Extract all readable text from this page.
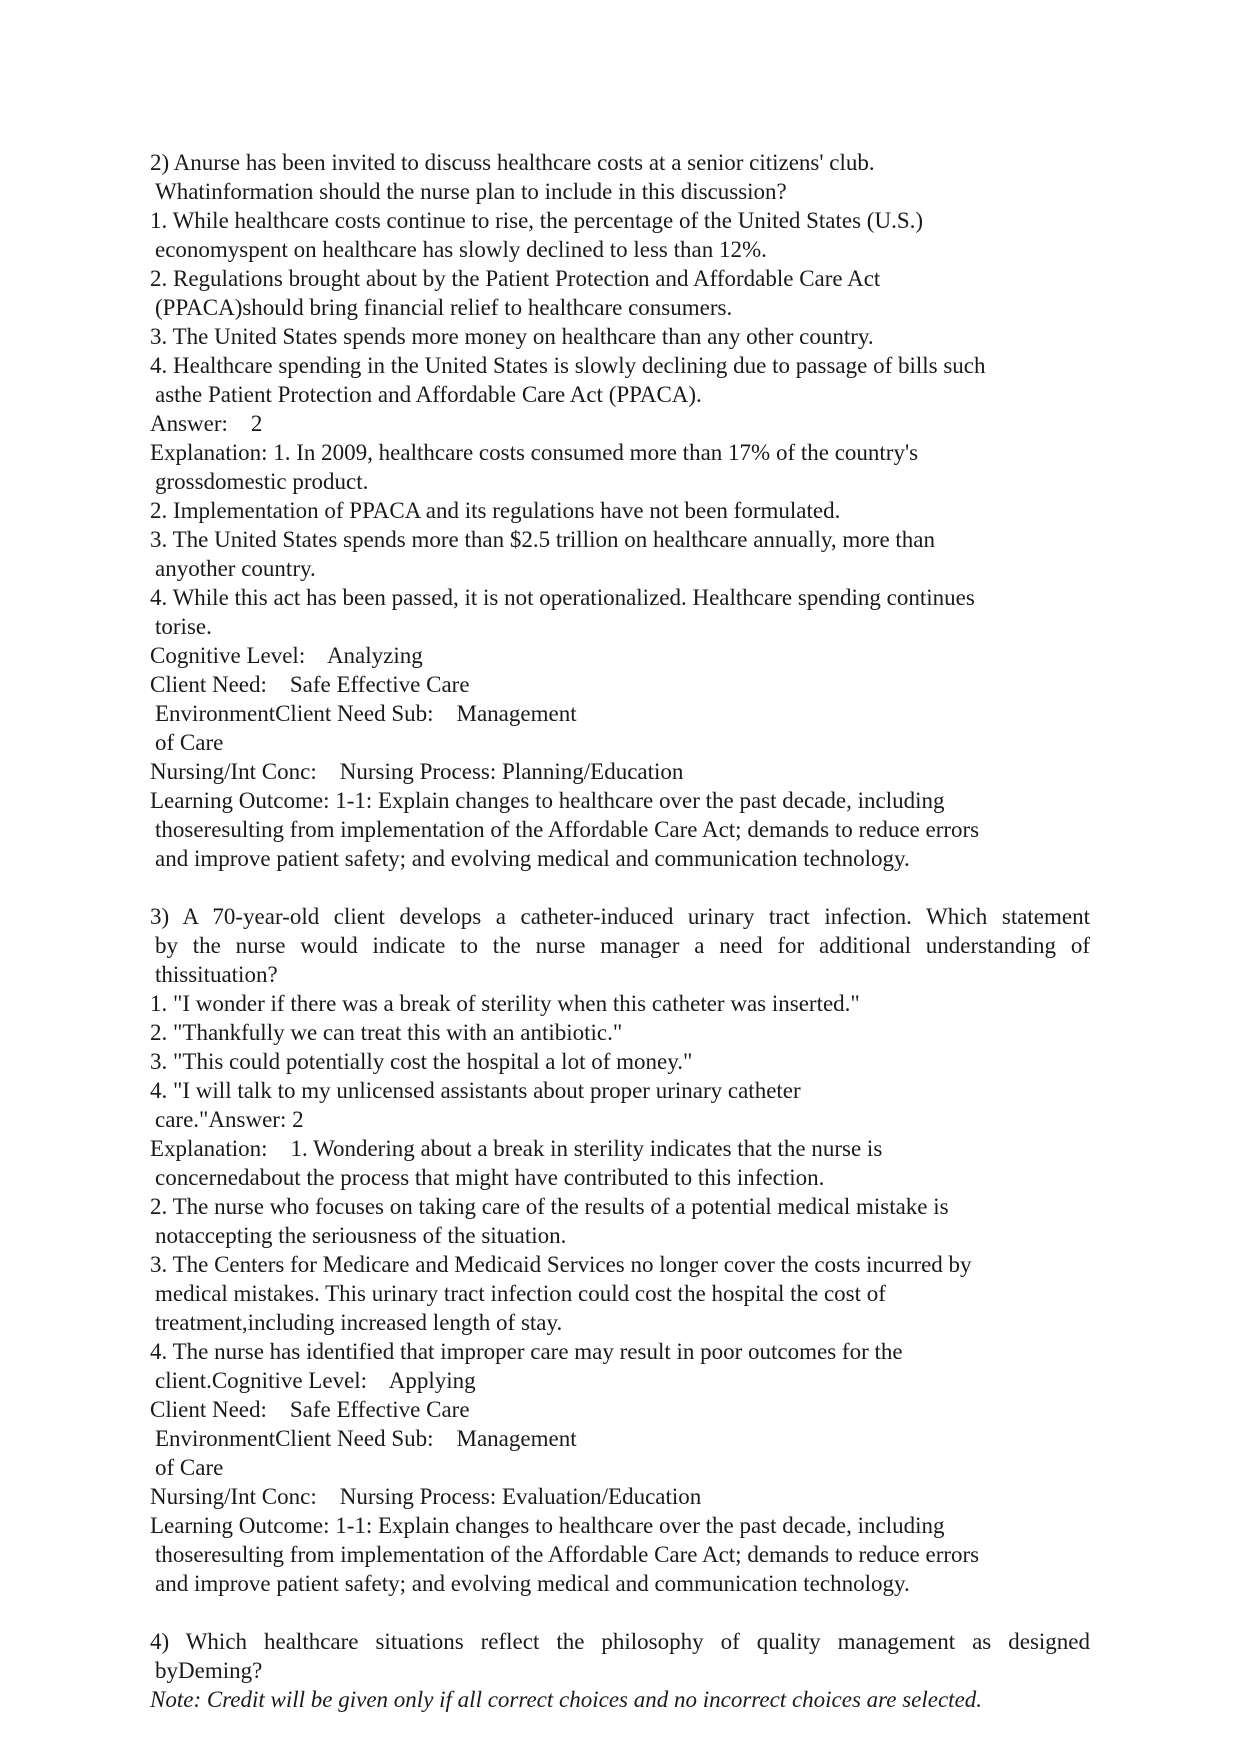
2) Anurse has been invited to discuss healthcare costs at a senior citizens' club.
Whatinformation should the nurse plan to include in this discussion?
1. While healthcare costs continue to rise, the percentage of the United States (U.S.)
economyspent on healthcare has slowly declined to less than 12%.
2. Regulations brought about by the Patient Protection and Affordable Care Act
(PPACA)should bring financial relief to healthcare consumers.
3. The United States spends more money on healthcare than any other country.
4. Healthcare spending in the United States is slowly declining due to passage of bills such
asthe Patient Protection and Affordable Care Act (PPACA).
Answer:    2
Explanation: 1. In 2009, healthcare costs consumed more than 17% of the country's
grossdomestic product.
2. Implementation of PPACA and its regulations have not been formulated.
3. The United States spends more than $2.5 trillion on healthcare annually, more than
anyother country.
4. While this act has been passed, it is not operationalized. Healthcare spending continues
torise.
Cognitive Level:    Analyzing
Client Need:    Safe Effective Care
EnvironmentClient Need Sub:    Management
of Care
Nursing/Int Conc:    Nursing Process: Planning/Education
Learning Outcome: 1-1: Explain changes to healthcare over the past decade, including
thoseresulting from implementation of the Affordable Care Act; demands to reduce errors
and improve patient safety; and evolving medical and communication technology.
3) A 70-year-old client develops a catheter-induced urinary tract infection. Which statement
by the nurse would indicate to the nurse manager a need for additional understanding of
thissituation?
1. "I wonder if there was a break of sterility when this catheter was inserted."
2. "Thankfully we can treat this with an antibiotic."
3. "This could potentially cost the hospital a lot of money."
4. "I will talk to my unlicensed assistants about proper urinary catheter
care."Answer: 2
Explanation:    1. Wondering about a break in sterility indicates that the nurse is
concernedabout the process that might have contributed to this infection.
2. The nurse who focuses on taking care of the results of a potential medical mistake is
notaccepting the seriousness of the situation.
3. The Centers for Medicare and Medicaid Services no longer cover the costs incurred by
medical mistakes. This urinary tract infection could cost the hospital the cost of
treatment,including increased length of stay.
4. The nurse has identified that improper care may result in poor outcomes for the
client.Cognitive Level:    Applying
Client Need:    Safe Effective Care
EnvironmentClient Need Sub:    Management
of Care
Nursing/Int Conc:    Nursing Process: Evaluation/Education
Learning Outcome: 1-1: Explain changes to healthcare over the past decade, including
thoseresulting from implementation of the Affordable Care Act; demands to reduce errors
and improve patient safety; and evolving medical and communication technology.
4) Which healthcare situations reflect the philosophy of quality management as designed
byDeming?
Note: Credit will be given only if all correct choices and no incorrect choices are selected.
